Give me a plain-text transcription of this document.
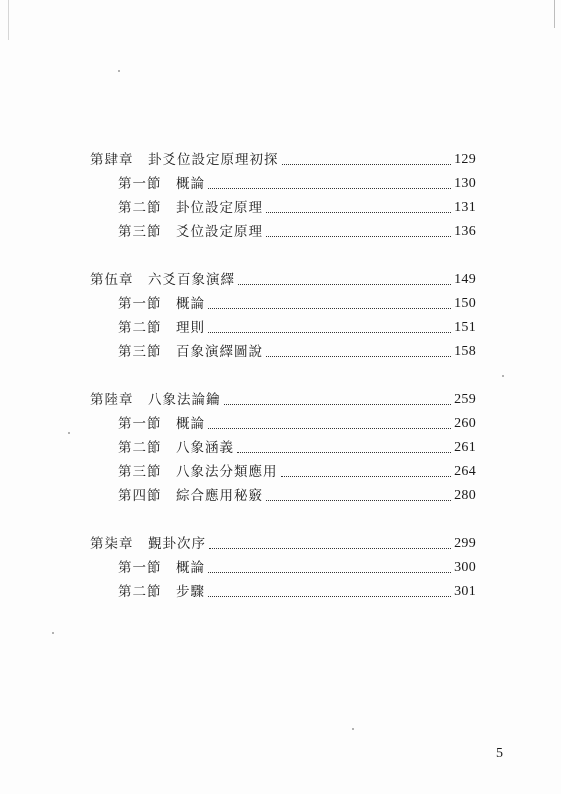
第肆章	卦爻位設定原理初探	129
第一節	概論	130
第二節	卦位設定原理	131
第三節	爻位設定原理	136
第伍章	六爻百象演繹	149
第一節	概論	150
第二節	理則	151
第三節	百象演繹圖說	158
第陸章	八象法論鑰	259
第一節	概論	260
第二節	八象涵義	261
第三節	八象法分類應用	264
第四節	綜合應用秘竅	280
第柒章	覲卦次序	299
第一節	概論	300
第二節	步驟	301
5
